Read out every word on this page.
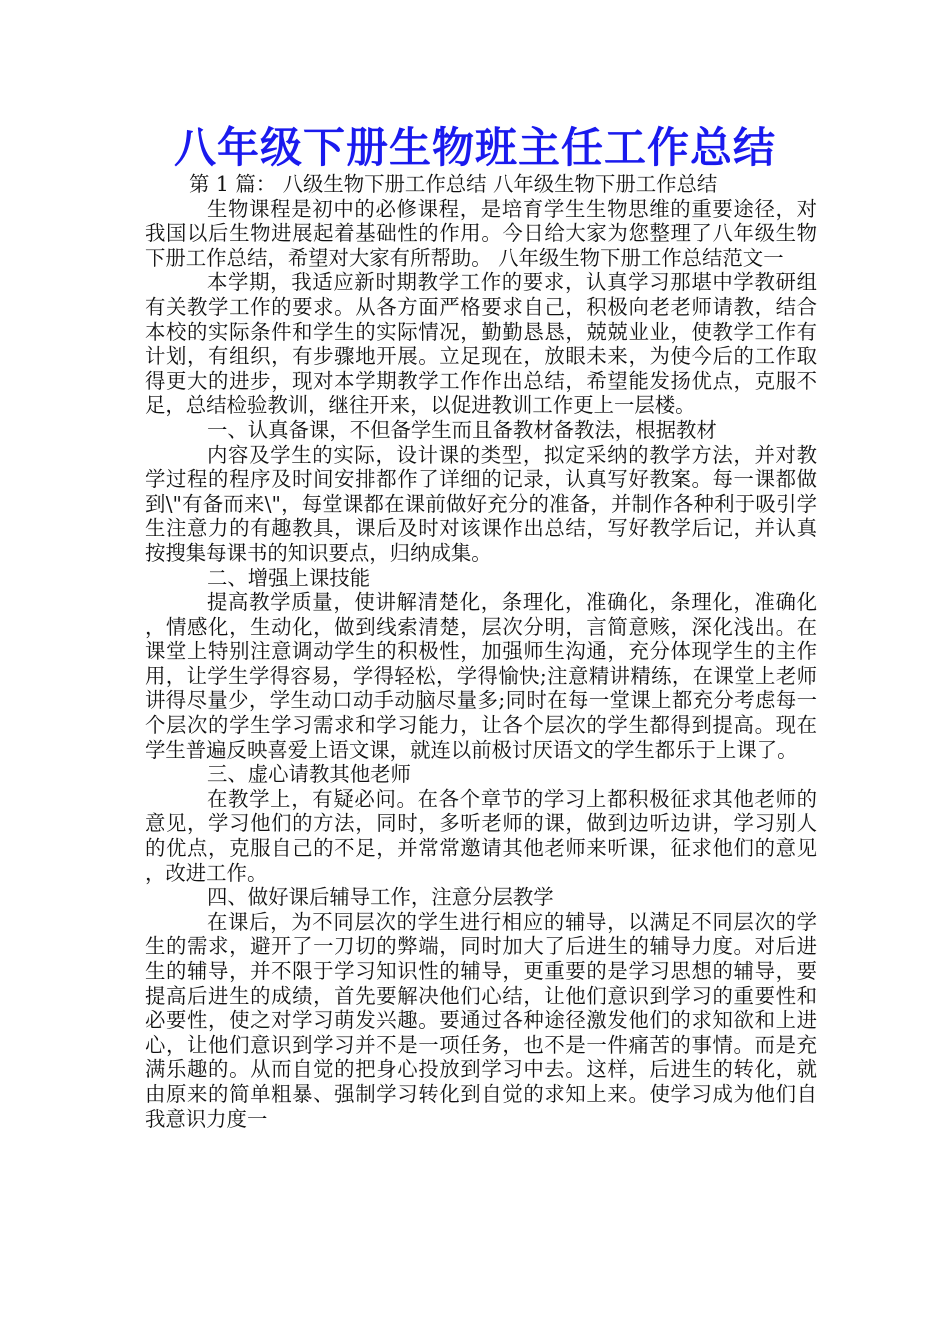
八年级下册生物班主任工作总结

第 1 篇： 八级生物下册工作总结 八年级生物下册工作总结

生物课程是初中的必修课程，是培育学生生物思维的重要途径，对我国以后生物进展起着基础性的作用。今日给大家为您整理了八年级生物下册工作总结，希望对大家有所帮助。 八年级生物下册工作总结范文一

本学期，我适应新时期教学工作的要求，认真学习那堪中学教研组有关教学工作的要求。从各方面严格要求自己，积极向老老师请教，结合本校的实际条件和学生的实际情况，勤勤恳恳，兢兢业业，使教学工作有计划，有组织，有步骤地开展。立足现在，放眼未来，为使今后的工作取得更大的进步，现对本学期教学工作作出总结，希望能发扬优点，克服不足，总结检验教训，继往开来，以促进教训工作更上一层楼。

一、认真备课，不但备学生而且备教材备教法，根据教材

内容及学生的实际，设计课的类型，拟定采纳的教学方法，并对教学过程的程序及时间安排都作了详细的记录，认真写好教案。每一课都做到\"有备而来\"，每堂课都在课前做好充分的准备，并制作各种利于吸引学生注意力的有趣教具，课后及时对该课作出总结，写好教学后记，并认真按搜集每课书的知识要点，归纳成集。

二、增强上课技能

提高教学质量，使讲解清楚化，条理化，准确化，条理化，准确化，情感化，生动化，做到线索清楚，层次分明，言简意赅，深化浅出。在课堂上特别注意调动学生的积极性，加强师生沟通，充分体现学生的主作用，让学生学得容易，学得轻松，学得愉快;注意精讲精练，在课堂上老师讲得尽量少，学生动口动手动脑尽量多;同时在每一堂课上都充分考虑每一个层次的学生学习需求和学习能力，让各个层次的学生都得到提高。现在学生普遍反映喜爱上语文课，就连以前极讨厌语文的学生都乐于上课了。

三、虚心请教其他老师

在教学上，有疑必问。在各个章节的学习上都积极征求其他老师的意见，学习他们的方法，同时，多听老师的课，做到边听边讲，学习别人的优点，克服自己的不足，并常常邀请其他老师来听课，征求他们的意见，改进工作。

四、做好课后辅导工作，注意分层教学

在课后，为不同层次的学生进行相应的辅导，以满足不同层次的学生的需求，避开了一刀切的弊端，同时加大了后进生的辅导力度。对后进生的辅导，并不限于学习知识性的辅导，更重要的是学习思想的辅导，要提高后进生的成绩，首先要解决他们心结，让他们意识到学习的重要性和必要性，使之对学习萌发兴趣。要通过各种途径激发他们的求知欲和上进心，让他们意识到学习并不是一项任务，也不是一件痛苦的事情。而是充满乐趣的。从而自觉的把身心投放到学习中去。这样，后进生的转化，就由原来的简单粗暴、强制学习转化到自觉的求知上来。使学习成为他们自我意识力度一
